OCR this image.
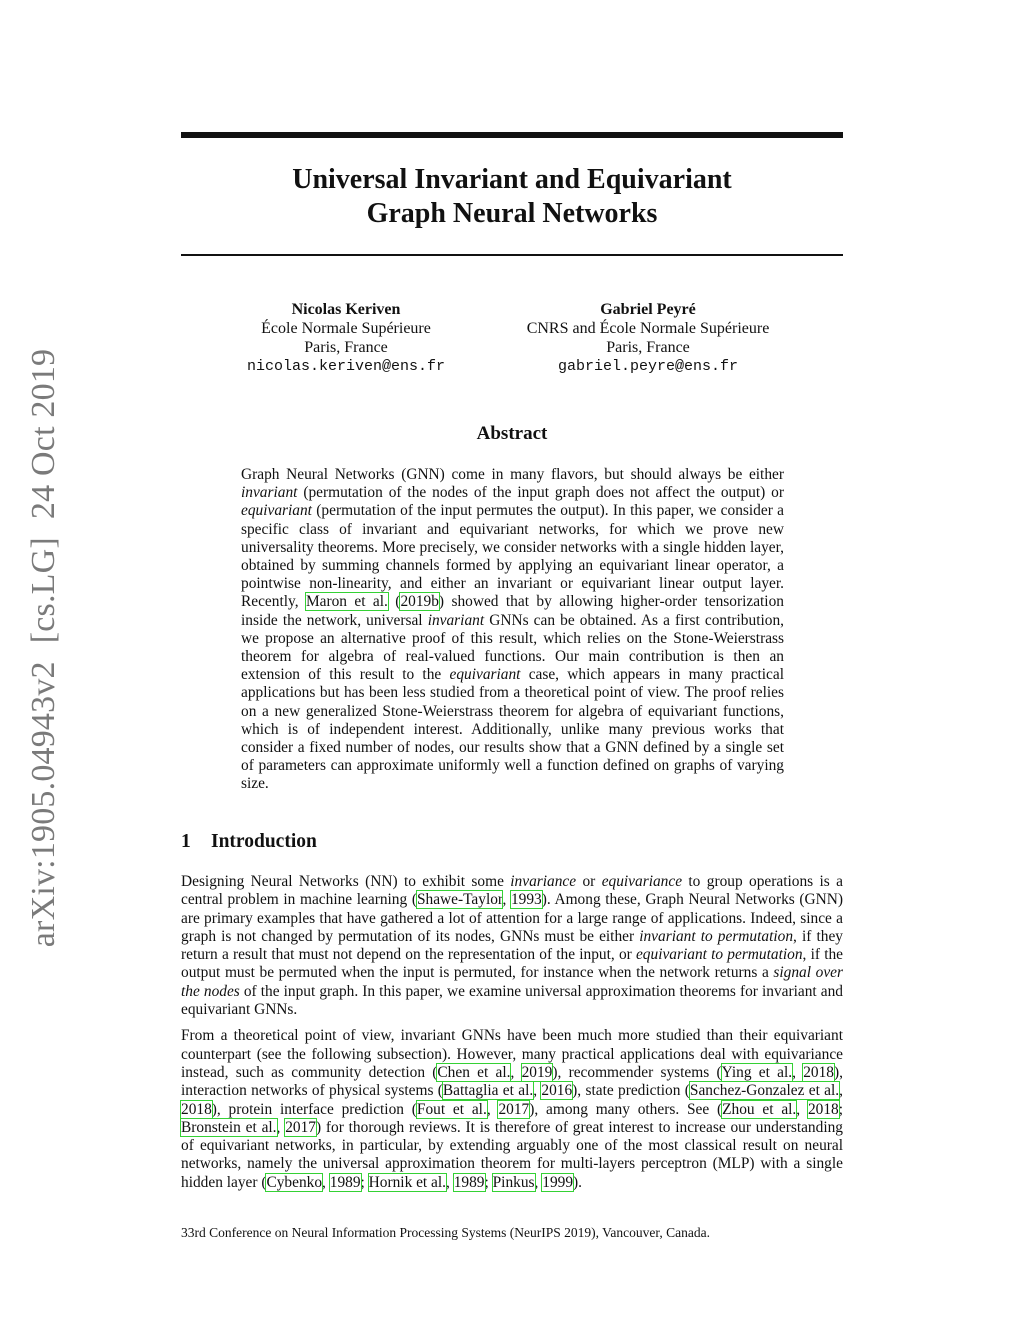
arXiv:1905.04943v2[cs.LG]24 Oct 2019
Universal Invariant and Equivariant
Graph Neural Networks
Nicolas Keriven
École Normale Supérieure
Paris, France
nicolas.keriven@ens.fr
Gabriel Peyré
CNRS and École Normale Supérieure
Paris, France
gabriel.peyre@ens.fr
Abstract
Graph Neural Networks (GNN) come in many flavors, but should always be either invariant (permutation of the nodes of the input graph does not affect the output) or equivariant (permutation of the input permutes the output). In this paper, we consider a specific class of invariant and equivariant networks, for which we prove new universality theorems. More precisely, we consider networks with a single hidden layer, obtained by summing channels formed by applying an equivariant linear operator, a pointwise non-linearity, and either an invariant or equivariant linear output layer. Recently, Maron et al. (2019b) showed that by allowing higher-order tensorization inside the network, universal invariant GNNs can be obtained. As a first contribution, we propose an alternative proof of this result, which relies on the Stone-Weierstrass theorem for algebra of real-valued functions. Our main contribution is then an extension of this result to the equivariant case, which appears in many practical applications but has been less studied from a theoretical point of view. The proof relies on a new generalized Stone-Weierstrass theorem for algebra of equivariant functions, which is of independent interest. Additionally, unlike many previous works that consider a fixed number of nodes, our results show that a GNN defined by a single set of parameters can approximate uniformly well a function defined on graphs of varying size.
1 Introduction

Designing Neural Networks (NN) to exhibit some invariance or equivariance to group operations is a central problem in machine learning (Shawe-Taylor, 1993). Among these, Graph Neural Networks (GNN) are primary examples that have gathered a lot of attention for a large range of applications. Indeed, since a graph is not changed by permutation of its nodes, GNNs must be either invariant to permutation, if they return a result that must not depend on the representation of the input, or equivariant to permutation, if the output must be permuted when the input is permuted, for instance when the network returns a signal over the nodes of the input graph. In this paper, we examine universal approximation theorems for invariant and equivariant GNNs.

From a theoretical point of view, invariant GNNs have been much more studied than their equivariant counterpart (see the following subsection). However, many practical applications deal with equivariance instead, such as community detection (Chen et al., 2019), recommender systems (Ying et al., 2018), interaction networks of physical systems (Battaglia et al., 2016), state prediction (Sanchez-Gonzalez et al., 2018), protein interface prediction (Fout et al., 2017), among many others. See (Zhou et al., 2018; Bronstein et al., 2017) for thorough reviews. It is therefore of great interest to increase our understanding of equivariant networks, in particular, by extending arguably one of the most classical result on neural networks, namely the universal approximation theorem for multi-layers perceptron (MLP) with a single hidden layer (Cybenko, 1989; Hornik et al., 1989; Pinkus, 1999).

33rd Conference on Neural Information Processing Systems (NeurIPS 2019), Vancouver, Canada.
